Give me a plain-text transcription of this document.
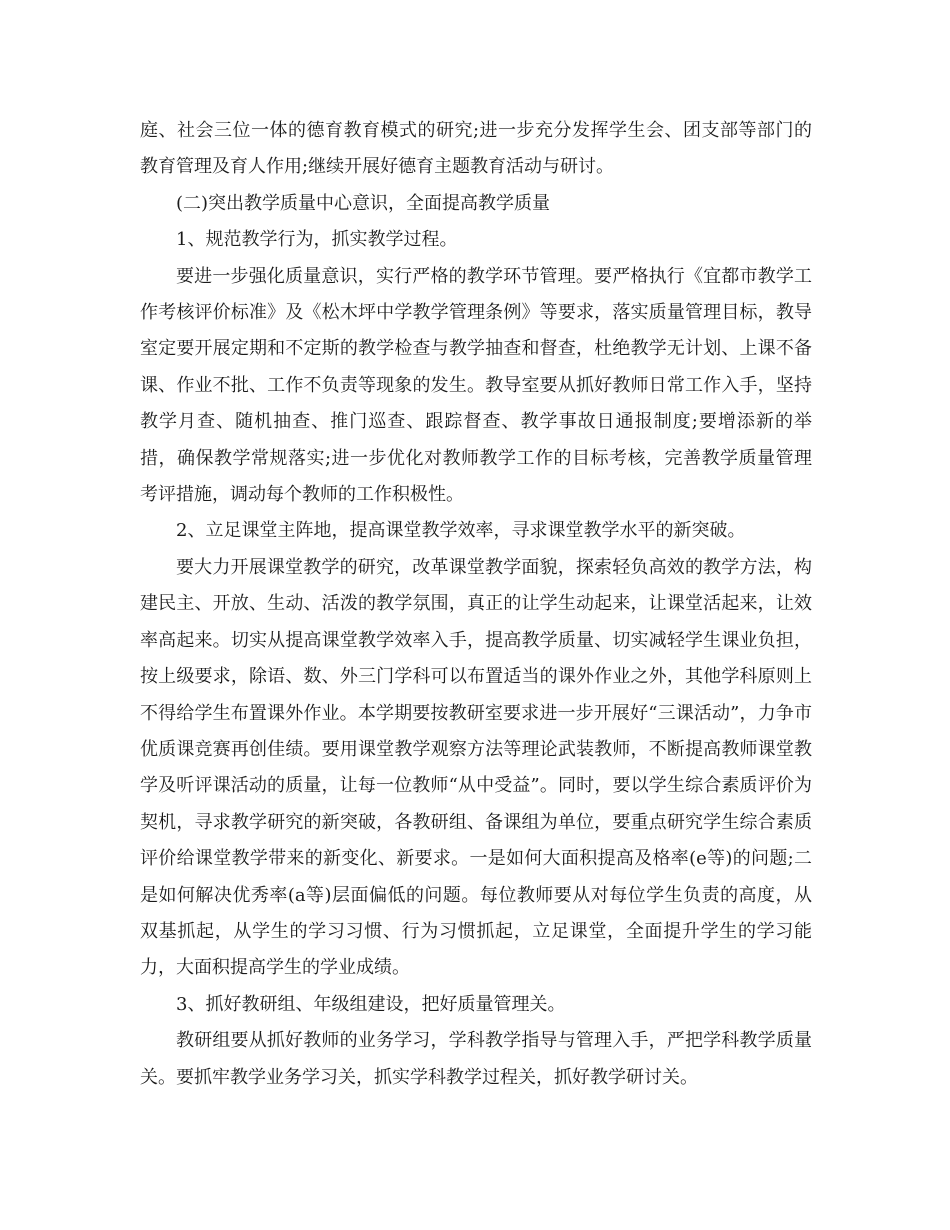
庭、社会三位一体的德育教育模式的研究;进一步充分发挥学生会、团支部等部门的教育管理及育人作用;继续开展好德育主题教育活动与研讨。

(二)突出教学质量中心意识，全面提高教学质量

1、规范教学行为，抓实教学过程。

要进一步强化质量意识，实行严格的教学环节管理。要严格执行《宜都市教学工作考核评价标准》及《松木坪中学教学管理条例》等要求，落实质量管理目标，教导室定要开展定期和不定斯的教学检查与教学抽查和督查，杜绝教学无计划、上课不备课、作业不批、工作不负责等现象的发生。教导室要从抓好教师日常工作入手，坚持教学月查、随机抽查、推门巡查、跟踪督查、教学事故日通报制度;要增添新的举措，确保教学常规落实;进一步优化对教师教学工作的目标考核，完善教学质量管理考评措施，调动每个教师的工作积极性。

2、立足课堂主阵地，提高课堂教学效率，寻求课堂教学水平的新突破。

要大力开展课堂教学的研究，改革课堂教学面貌，探索轻负高效的教学方法，构建民主、开放、生动、活泼的教学氛围，真正的让学生动起来，让课堂活起来，让效率高起来。切实从提高课堂教学效率入手，提高教学质量、切实减轻学生课业负担，按上级要求，除语、数、外三门学科可以布置适当的课外作业之外，其他学科原则上不得给学生布置课外作业。本学期要按教研室要求进一步开展好“三课活动”，力争市优质课竞赛再创佳绩。要用课堂教学观察方法等理论武装教师，不断提高教师课堂教学及听评课活动的质量，让每一位教师“从中受益”。同时，要以学生综合素质评价为契机，寻求教学研究的新突破，各教研组、备课组为单位，要重点研究学生综合素质评价给课堂教学带来的新变化、新要求。一是如何大面积提高及格率(e等)的问题;二是如何解决优秀率(a等)层面偏低的问题。每位教师要从对每位学生负责的高度，从双基抓起，从学生的学习习惯、行为习惯抓起，立足课堂，全面提升学生的学习能力，大面积提高学生的学业成绩。

3、抓好教研组、年级组建设，把好质量管理关。

教研组要从抓好教师的业务学习，学科教学指导与管理入手，严把学科教学质量关。要抓牢教学业务学习关，抓实学科教学过程关，抓好教学研讨关。
